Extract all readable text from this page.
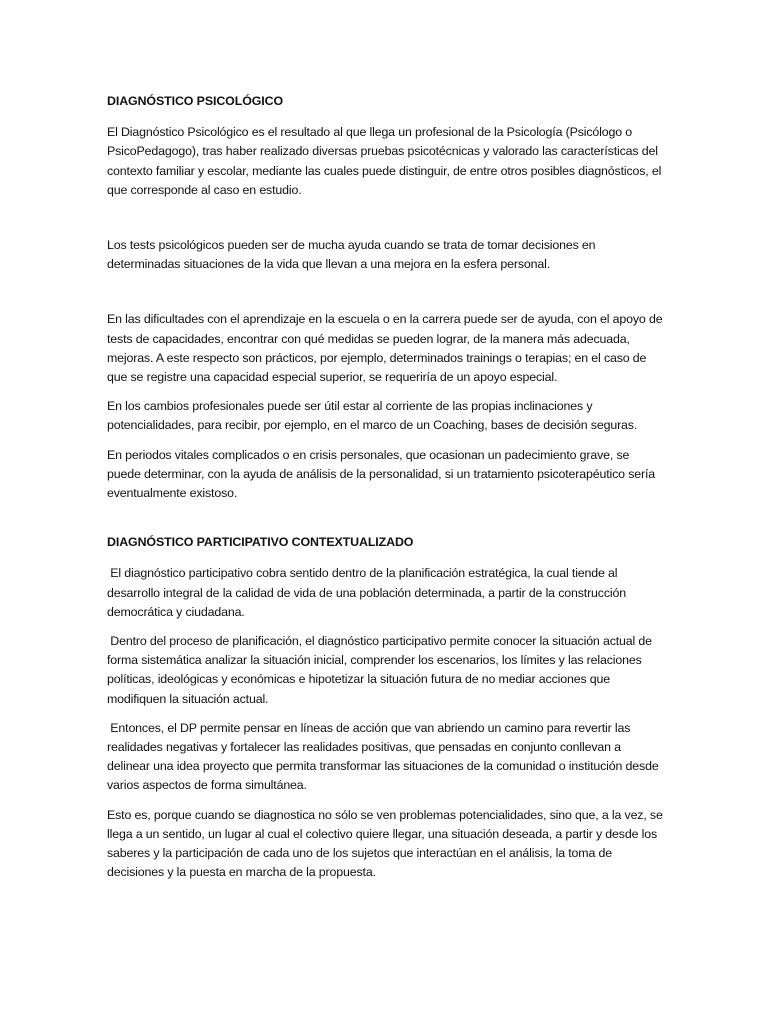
DIAGNÓSTICO PSICOLÓGICO

El Diagnóstico Psicológico es el resultado al que llega un profesional de la Psicología (Psicólogo o PsicoPedagogo), tras haber realizado diversas pruebas psicotécnicas y valorado las características del contexto familiar y escolar, mediante las cuales puede distinguir, de entre otros posibles diagnósticos, el que corresponde al caso en estudio.

Los tests psicológicos pueden ser de mucha ayuda cuando se trata de tomar decisiones en determinadas situaciones de la vida que llevan a una mejora en la esfera personal.

En las dificultades con el aprendizaje en la escuela o en la carrera puede ser de ayuda, con el apoyo de tests de capacidades, encontrar con qué medidas se pueden lograr, de la manera más adecuada, mejoras. A este respecto son prácticos, por ejemplo, determinados trainings o terapias; en el caso de que se registre una capacidad especial superior, se requeriría de un apoyo especial.

En los cambios profesionales puede ser útil estar al corriente de las propias inclinaciones y potencialidades, para recibir, por ejemplo, en el marco de un Coaching, bases de decisión seguras.

En periodos vitales complicados o en crisis personales, que ocasionan un padecimiento grave, se puede determinar, con la ayuda de análisis de la personalidad, si un tratamiento psicoterapéutico sería eventualmente existoso.

DIAGNÓSTICO PARTICIPATIVO CONTEXTUALIZADO

El diagnóstico participativo cobra sentido dentro de la planificación estratégica, la cual tiende al desarrollo integral de la calidad de vida de una población determinada, a partir de la construcción democrática y ciudadana.

Dentro del proceso de planificación, el diagnóstico participativo permite conocer la situación actual de forma sistemática analizar la situación inicial, comprender los escenarios, los límites y las relaciones políticas, ideológicas y económicas e hipotetizar la situación futura de no mediar acciones que modifiquen la situación actual.

Entonces, el DP permite pensar en líneas de acción que van abriendo un camino para revertir las realidades negativas y fortalecer las realidades positivas, que pensadas en conjunto conllevan a delinear una idea proyecto que permita transformar las situaciones de la comunidad o institución desde varios aspectos de forma simultánea.

Esto es, porque cuando se diagnostica no sólo se ven problemas potencialidades, sino que, a la vez, se llega a un sentido, un lugar al cual el colectivo quiere llegar, una situación deseada, a partir y desde los saberes y la participación de cada uno de los sujetos que interactúan en el análisis, la toma de decisiones y la puesta en marcha de la propuesta.
